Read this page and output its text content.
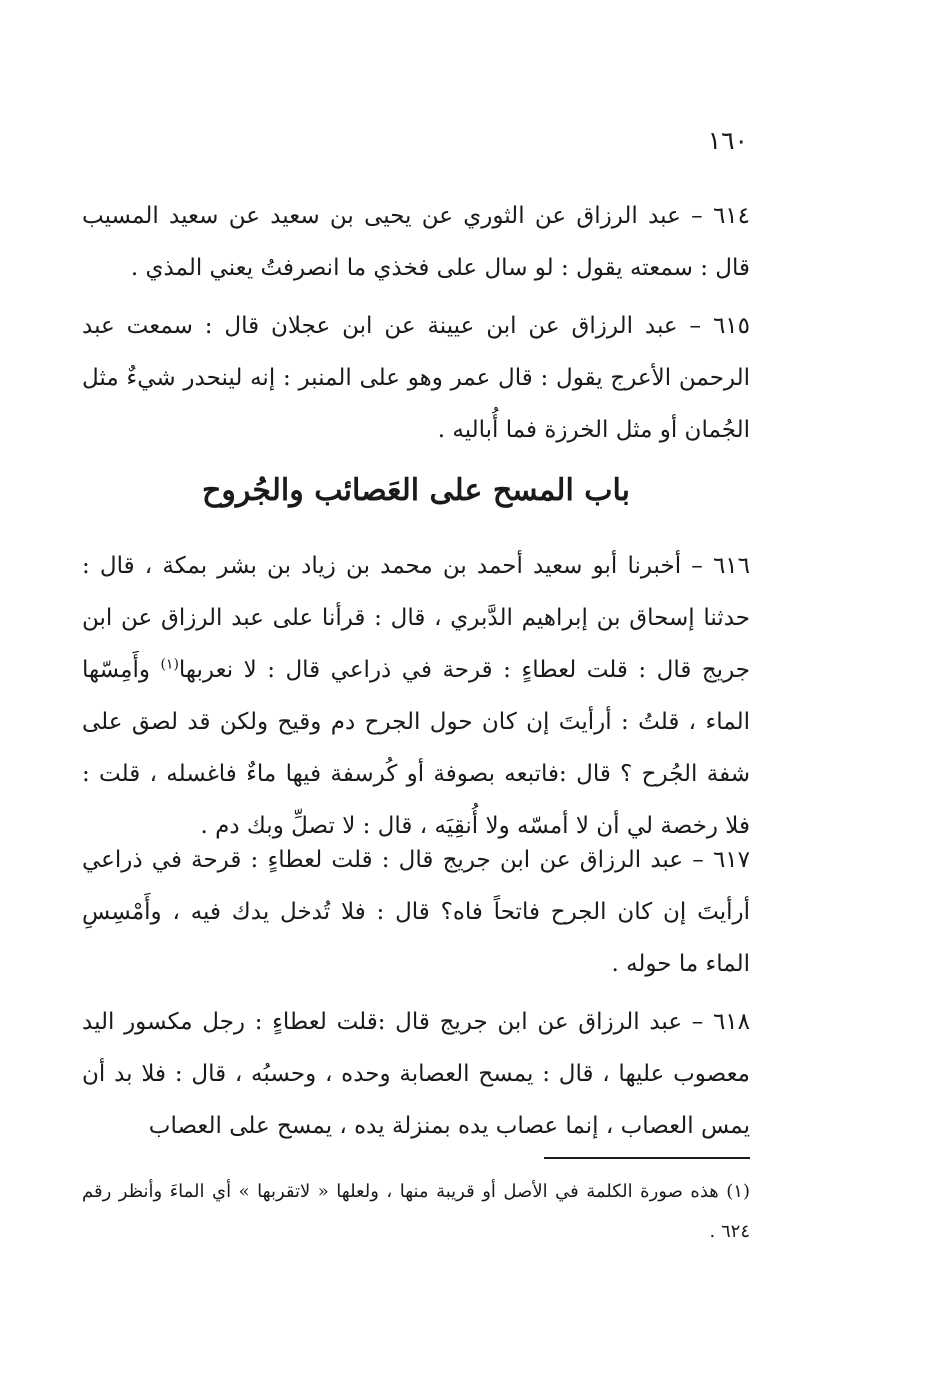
١٦٠

٦١٤ – عبد الرزاق عن الثوري عن يحيى بن سعيد عن سعيد المسيب قال : سمعته يقول : لو سال على فخذي ما انصرفتُ يعني المذي .

٦١٥ – عبد الرزاق عن ابن عيينة عن ابن عجلان قال : سمعت عبد الرحمن الأعرج يقول : قال عمر وهو على المنبر : إنه لينحدر شيءٌ مثل الجُمان أو مثل الخرزة فما أُباليه .

باب المسح على العَصائب والجُروح

٦١٦ – أخبرنا أبو سعيد أحمد بن محمد بن زياد بن بشر بمكة ، قال : حدثنا إسحاق بن إبراهيم الدَّبري ، قال : قرأنا على عبد الرزاق عن ابن جريج قال : قلت لعطاءٍ : قرحة في ذراعي قال : لا نعربها$^{(١)}$ وأَمِسّها الماء ، قلتُ : أرأيتَ إن كان حول الجرح دم وقيح ولكن قد لصق على شفة الجُرح ؟ قال :فاتبعه بصوفة أو كُرسفة فيها ماءٌ فاغسله ، قلت : فلا رخصة لي أن لا أمسّه ولا أُنقِيَه ، قال : لا تصلِّ وبك دم .

٦١٧ – عبد الرزاق عن ابن جريج قال : قلت لعطاءٍ : قرحة في ذراعي أرأيتَ إن كان الجرح فاتحاً فاه؟ قال : فلا تُدخل يدك فيه ، وأَمْسِسِ الماء ما حوله .

٦١٨ – عبد الرزاق عن ابن جريج قال :قلت لعطاءٍ : رجل مكسور اليد معصوب عليها ، قال : يمسح العصابة وحده ، وحسبُه ، قال : فلا بد أن يمس العصاب ، إنما عصاب يده بمنزلة يده ، يمسح على العصاب

(١) هذه صورة الكلمة في الأصل أو قريبة منها ، ولعلها « لاتقربها » أي الماءَ وأنظر رقم ٦٢٤ .
